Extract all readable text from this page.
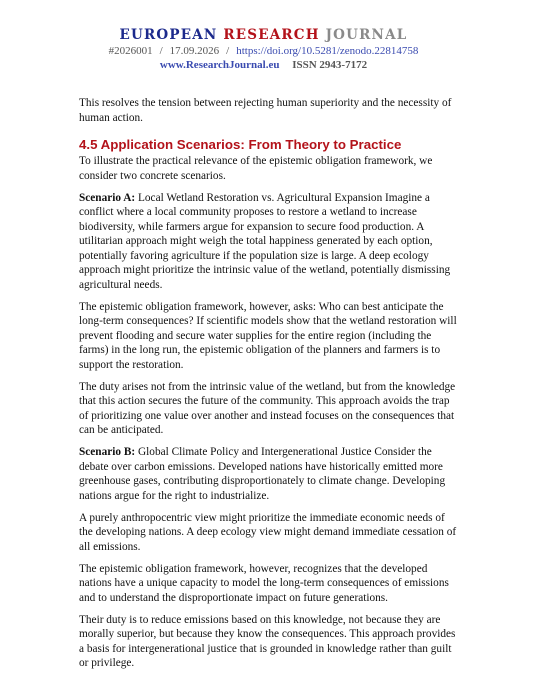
EUROPEAN RESEARCH JOURNAL
#2026001 / 17.09.2026 / https://doi.org/10.5281/zenodo.22814758
www.ResearchJournal.eu ISSN 2943-7172

This resolves the tension between rejecting human superiority and the necessity of human action.

4.5 Application Scenarios: From Theory to Practice

To illustrate the practical relevance of the epistemic obligation framework, we consider two concrete scenarios.

Scenario A: Local Wetland Restoration vs. Agricultural Expansion Imagine a conflict where a local community proposes to restore a wetland to increase biodiversity, while farmers argue for expansion to secure food production. A utilitarian approach might weigh the total happiness generated by each option, potentially favoring agriculture if the population size is large. A deep ecology approach might prioritize the intrinsic value of the wetland, potentially dismissing agricultural needs.

The epistemic obligation framework, however, asks: Who can best anticipate the long-term consequences? If scientific models show that the wetland restoration will prevent flooding and secure water supplies for the entire region (including the farms) in the long run, the epistemic obligation of the planners and farmers is to support the restoration.

The duty arises not from the intrinsic value of the wetland, but from the knowledge that this action secures the future of the community. This approach avoids the trap of prioritizing one value over another and instead focuses on the consequences that can be anticipated.

Scenario B: Global Climate Policy and Intergenerational Justice Consider the debate over carbon emissions. Developed nations have historically emitted more greenhouse gases, contributing disproportionately to climate change. Developing nations argue for the right to industrialize.

A purely anthropocentric view might prioritize the immediate economic needs of the developing nations. A deep ecology view might demand immediate cessation of all emissions.

The epistemic obligation framework, however, recognizes that the developed nations have a unique capacity to model the long-term consequences of emissions and to understand the disproportionate impact on future generations.

Their duty is to reduce emissions based on this knowledge, not because they are morally superior, but because they know the consequences. This approach provides a basis for intergenerational justice that is grounded in knowledge rather than guilt or privilege.
